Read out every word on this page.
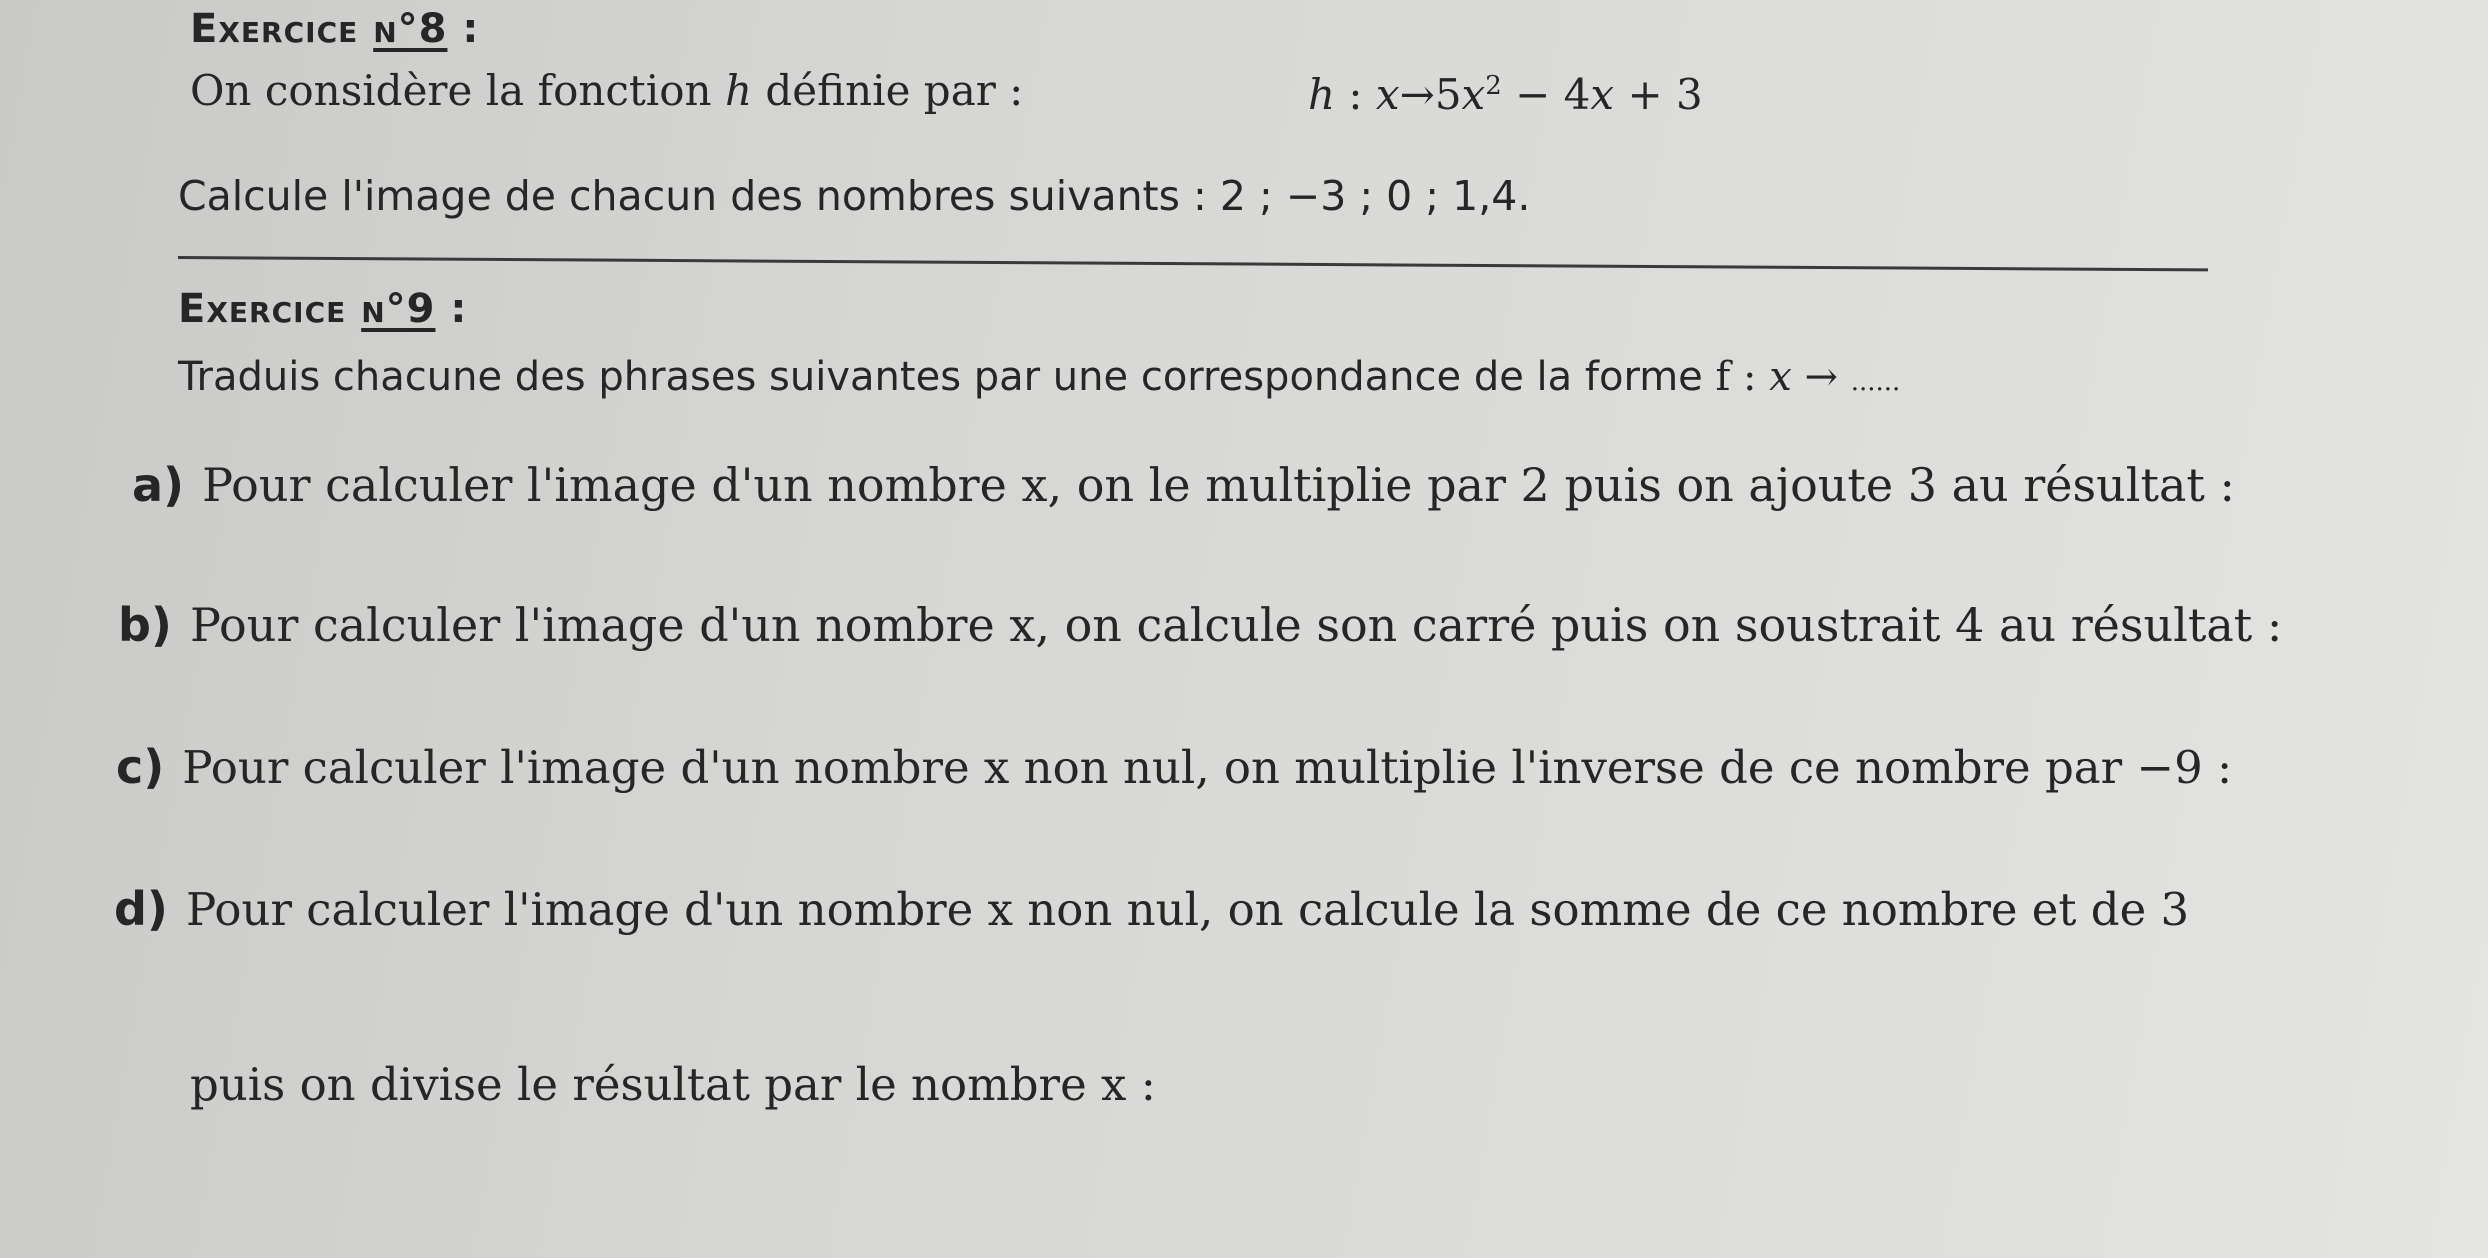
Exercice n°8 :
On considère la fonction h définie par :	h : $x\to 5x^2 - 4x + 3$
Calcule l'image de chacun des nombres suivants : 2 ; −3 ; 0 ; 1,4.
Exercice n°9 :
Traduis chacune des phrases suivantes par une correspondance de la forme f : x → ......
a) Pour calculer l'image d'un nombre x, on le multiplie par 2 puis on ajoute 3 au résultat :
b) Pour calculer l'image d'un nombre x, on calcule son carré puis on soustrait 4 au résultat :
c) Pour calculer l'image d'un nombre x non nul, on multiplie l'inverse de ce nombre par −9 :
d) Pour calculer l'image d'un nombre x non nul, on calcule la somme de ce nombre et de 3
puis on divise le résultat par le nombre x :
